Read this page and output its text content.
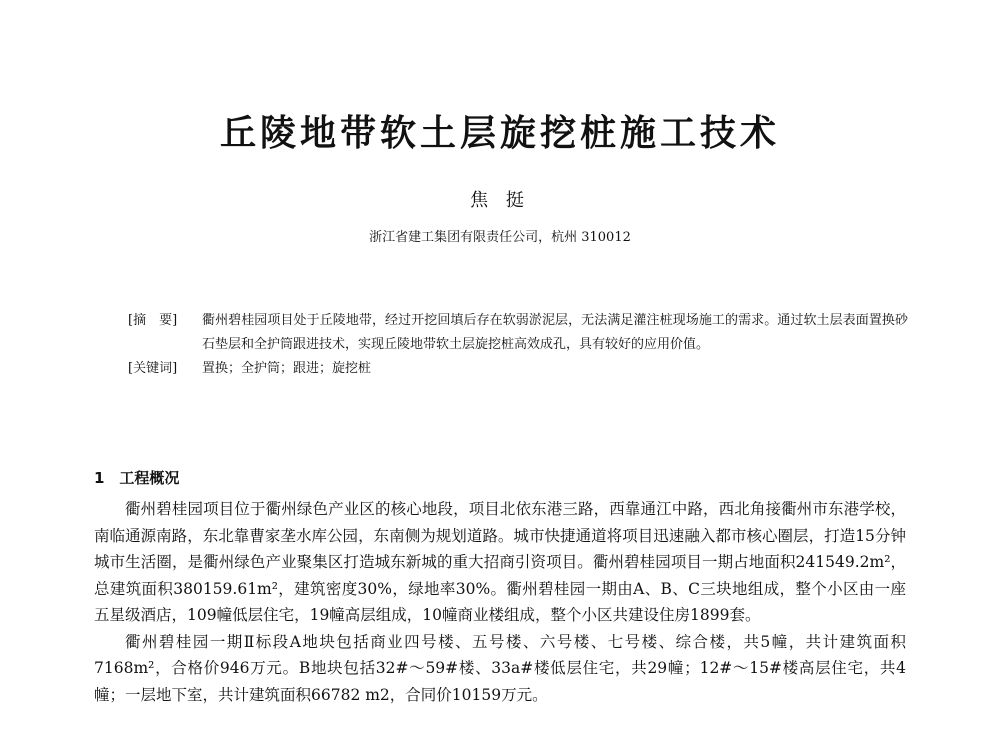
丘陵地带软土层旋挖桩施工技术
焦 挺
浙江省建工集团有限责任公司，杭州 310012
[摘　要]	衢州碧桂园项目处于丘陵地带，经过开挖回填后存在软弱淤泥层，无法满足灌注桩现场施工的需求。通过软土层表面置换砂石垫层和全护筒跟进技术，实现丘陵地带软土层旋挖桩高效成孔，具有较好的应用价值。
[关键词]	置换；全护筒；跟进；旋挖桩
1　工程概况

衢州碧桂园项目位于衢州绿色产业区的核心地段，项目北依东港三路，西靠通江中路，西北角接衢州市东港学校，南临通源南路，东北靠曹家垄水库公园，东南侧为规划道路。城市快捷通道将项目迅速融入都市核心圈层，打造15分钟城市生活圈，是衢州绿色产业聚集区打造城东新城的重大招商引资项目。衢州碧桂园项目一期占地面积241549.2m²，总建筑面积380159.61m²，建筑密度30%，绿地率30%。衢州碧桂园一期由A、B、C三块地组成，整个小区由一座五星级酒店，109幢低层住宅，19幢高层组成，10幢商业楼组成，整个小区共建设住房1899套。

衢州碧桂园一期Ⅱ标段A地块包括商业四号楼、五号楼、六号楼、七号楼、综合楼，共5幢，共计建筑面积7168m²，合格价946万元。B地块包括32#～59#楼、33a#楼低层住宅，共29幢；12#～15#楼高层住宅，共4幢；一层地下室，共计建筑面积66782 m2，合同价10159万元。
